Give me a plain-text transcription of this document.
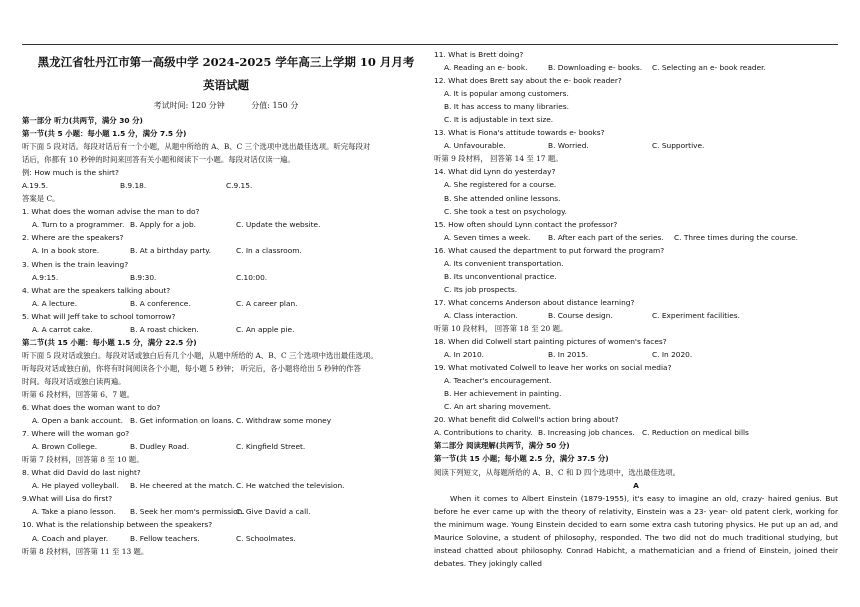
黑龙江省牡丹江市第一高级中学 2024-2025 学年高三上学期 10 月月考
英语试题
考试时间: 120 分钟	分值: 150 分
第一部分 听力(共两节，满分 30 分)
第一节(共 5 小题：每小题 1.5 分，满分 7.5 分)
听下面 5 段对话。每段对话后有一个小题，从题中所给的 A、B、C 三个选项中选出最佳选项。听完每段对
话后，你都有 10 秒钟的时间来回答有关小题和阅读下一小题。每段对话仅读一遍。
例: How much is the shirt?
A.19.5.	B.9.18.	C.9.15.
答案是 C。
1. What does the woman advise the man to do?
A. Turn to a programmer. B. Apply for a job.	C. Update the website.
2. Where are the speakers?
A. In a book store.	B. At a birthday party.	C. In a classroom.
3. When is the train leaving?
A.9:15.	B.9:30.	C.10:00.
4. What are the speakers talking about?
A. A lecture.	B. A conference.	C. A career plan.
5. What will Jeff take to school tomorrow?
A. A carrot cake.	B. A roast chicken.	C. An apple pie.
第二节(共 15 小题：每小题 1.5 分，满分 22.5 分)
听下面 5 段对话或独白。每段对话或独白后有几个小题，从题中所给的 A、B、C 三个选项中选出最佳选项。
听每段对话或独白前，你将有时间阅读各个小题，每小题 5 秒钟； 听完后，各小题将给出 5 秒钟的作答
时间。每段对话或独白读两遍。
听第 6 段材料，回答第 6、7 题。
6. What does the woman want to do?
A. Open a bank account. B. Get information on loans. C. Withdraw some money
7. Where will the woman go?
A. Brown College.	B. Dudley Road.	C. Kingfield Street.
听第 7 段材料，回答第 8 至 10 题。
8. What did David do last night?
A. He played volleyball.	B. He cheered at the match. C. He watched the television.
9.What will Lisa do first?
A. Take a piano lesson.	B. Seek her mom's permission.
C. Give David a call.
10. What is the relationship between the speakers?
A. Coach and player.	B. Fellow teachers.	C. Schoolmates.
听第 8 段材料，回答第 11 至 13 题。
11. What is Brett doing?
A. Reading an e- book.	B. Downloading e- books.	C. Selecting an e- book reader.
12. What does Brett say about the e- book reader?
A. It is popular among customers.
B. It has access to many libraries.
C. It is adjustable in text size.
13. What is Fiona's attitude towards e- books?
A. Unfavourable.	B. Worried.	C. Supportive.
听第 9 段材料， 回答第 14 至 17 题。
14. What did Lynn do yesterday?
A. She registered for a course.
B. She attended online lessons.
C. She took a test on psychology.
15. How often should Lynn contact the professor?
A. Seven times a week.	B. After each part of the series.	C. Three times during the course.
16. What caused the department to put forward the program?
A. Its convenient transportation.
B. Its unconventional practice.
C. Its job prospects.
17. What concerns Anderson about distance learning?
A. Class interaction.	B. Course design.	C. Experiment facilities.
听第 10 段材料， 回答第 18 至 20 题。
18. When did Colwell start painting pictures of women's faces?
A. In 2010.	B. In 2015.	C. In 2020.
19. What motivated Colwell to leave her works on social media?
A. Teacher's encouragement.
B. Her achievement in painting.
C. An art sharing movement.
20. What benefit did Colwell's action bring about?
A. Contributions to charity. B. Increasing job chances. C. Reduction on medical bills
第二部分 阅读理解(共两节，满分 50 分)
第一节(共 15 小题；每小题 2.5 分，满分 37.5 分)
阅读下列短文，从每题所给的 A、B、C 和 D 四个选项中，选出最佳选项。
A
When it comes to Albert Einstein (1879-1955), it's easy to imagine an old, crazy- haired genius. But before he ever came up with the theory of relativity, Einstein was a 23- year- old patent clerk, working for the minimum wage. Young Einstein decided to earn some extra cash tutoring physics. He put up an ad, and Maurice Solovine, a student of philosophy, responded. The two did not do much traditional studying, but instead chatted about philosophy. Conrad Habicht, a mathematician and a friend of Einstein, joined their debates. They jokingly called
